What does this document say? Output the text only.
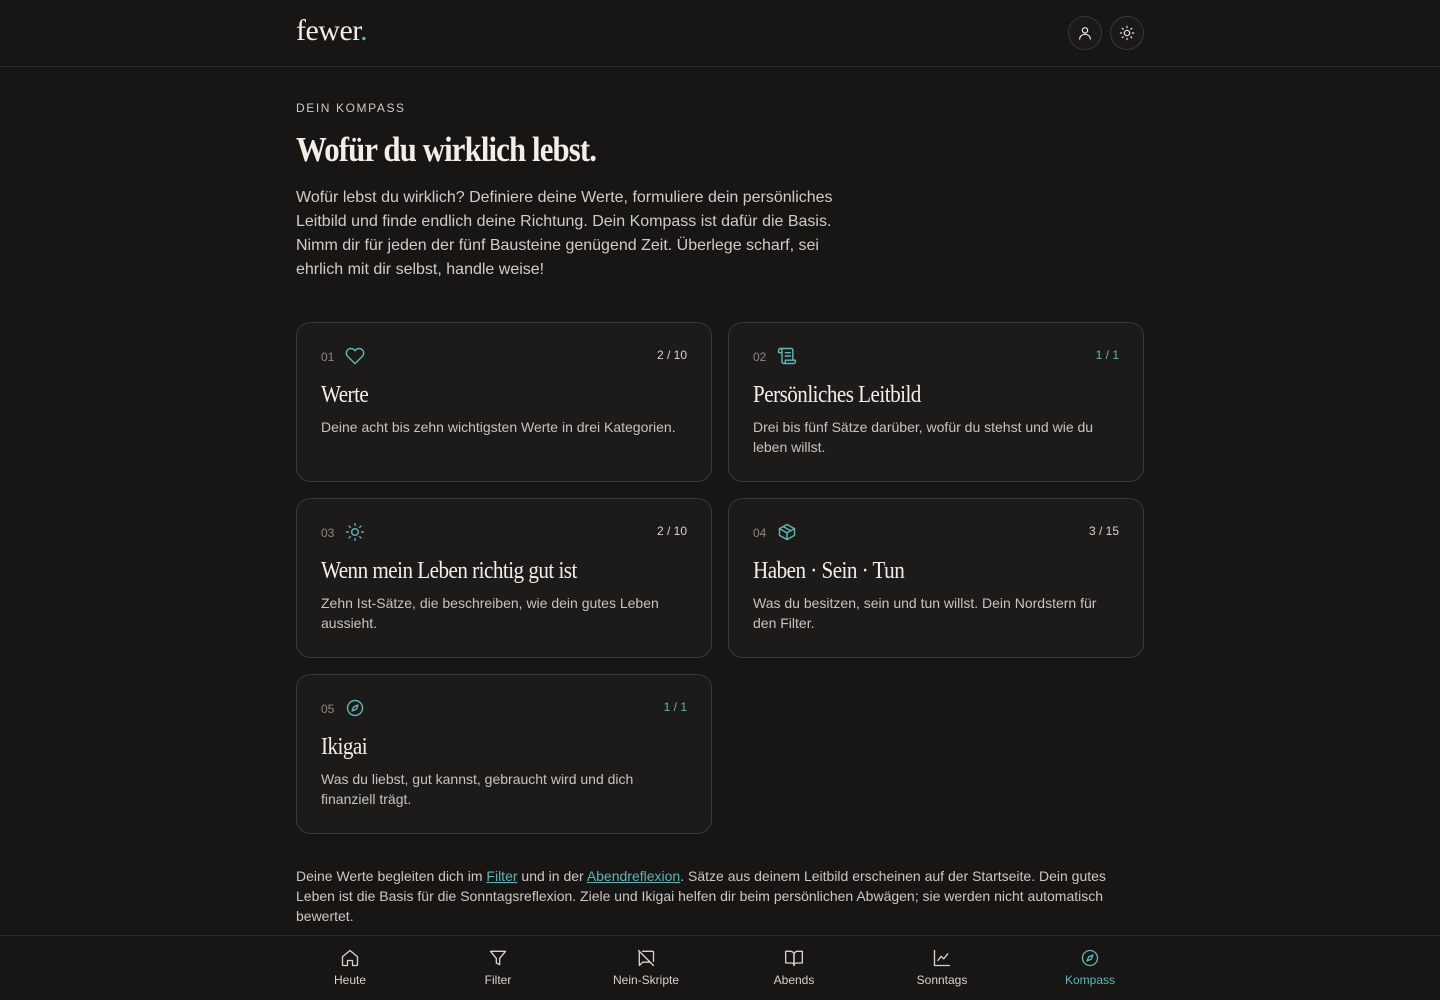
fewer.
DEIN KOMPASS
Wofür du wirklich lebst.

Wofür lebst du wirklich? Definiere deine Werte, formuliere dein persönliches Leitbild und finde endlich deine Richtung. Dein Kompass ist dafür die Basis. Nimm dir für jeden der fünf Bausteine genügend Zeit. Überlege scharf, sei ehrlich mit dir selbst, handle weise!

01	2 / 10
Werte
Deine acht bis zehn wichtigsten Werte in drei Kategorien.
02	1 / 1
Persönliches Leitbild
Drei bis fünf Sätze darüber, wofür du stehst und wie du leben willst.
03	2 / 10
Wenn mein Leben richtig gut ist
Zehn Ist-Sätze, die beschreiben, wie dein gutes Leben aussieht.
04	3 / 15
Haben · Sein · Tun
Was du besitzen, sein und tun willst. Dein Nordstern für den Filter.
05	1 / 1
Ikigai
Was du liebst, gut kannst, gebraucht wird und dich finanziell trägt.

Deine Werte begleiten dich im Filter und in der Abendreflexion. Sätze aus deinem Leitbild erscheinen auf der Startseite. Dein gutes Leben ist die Basis für die Sonntagsreflexion. Ziele und Ikigai helfen dir beim persönlichen Abwägen; sie werden nicht automatisch bewertet.

Heute	Filter	Nein-Skripte	Abends	Sonntags	Kompass
